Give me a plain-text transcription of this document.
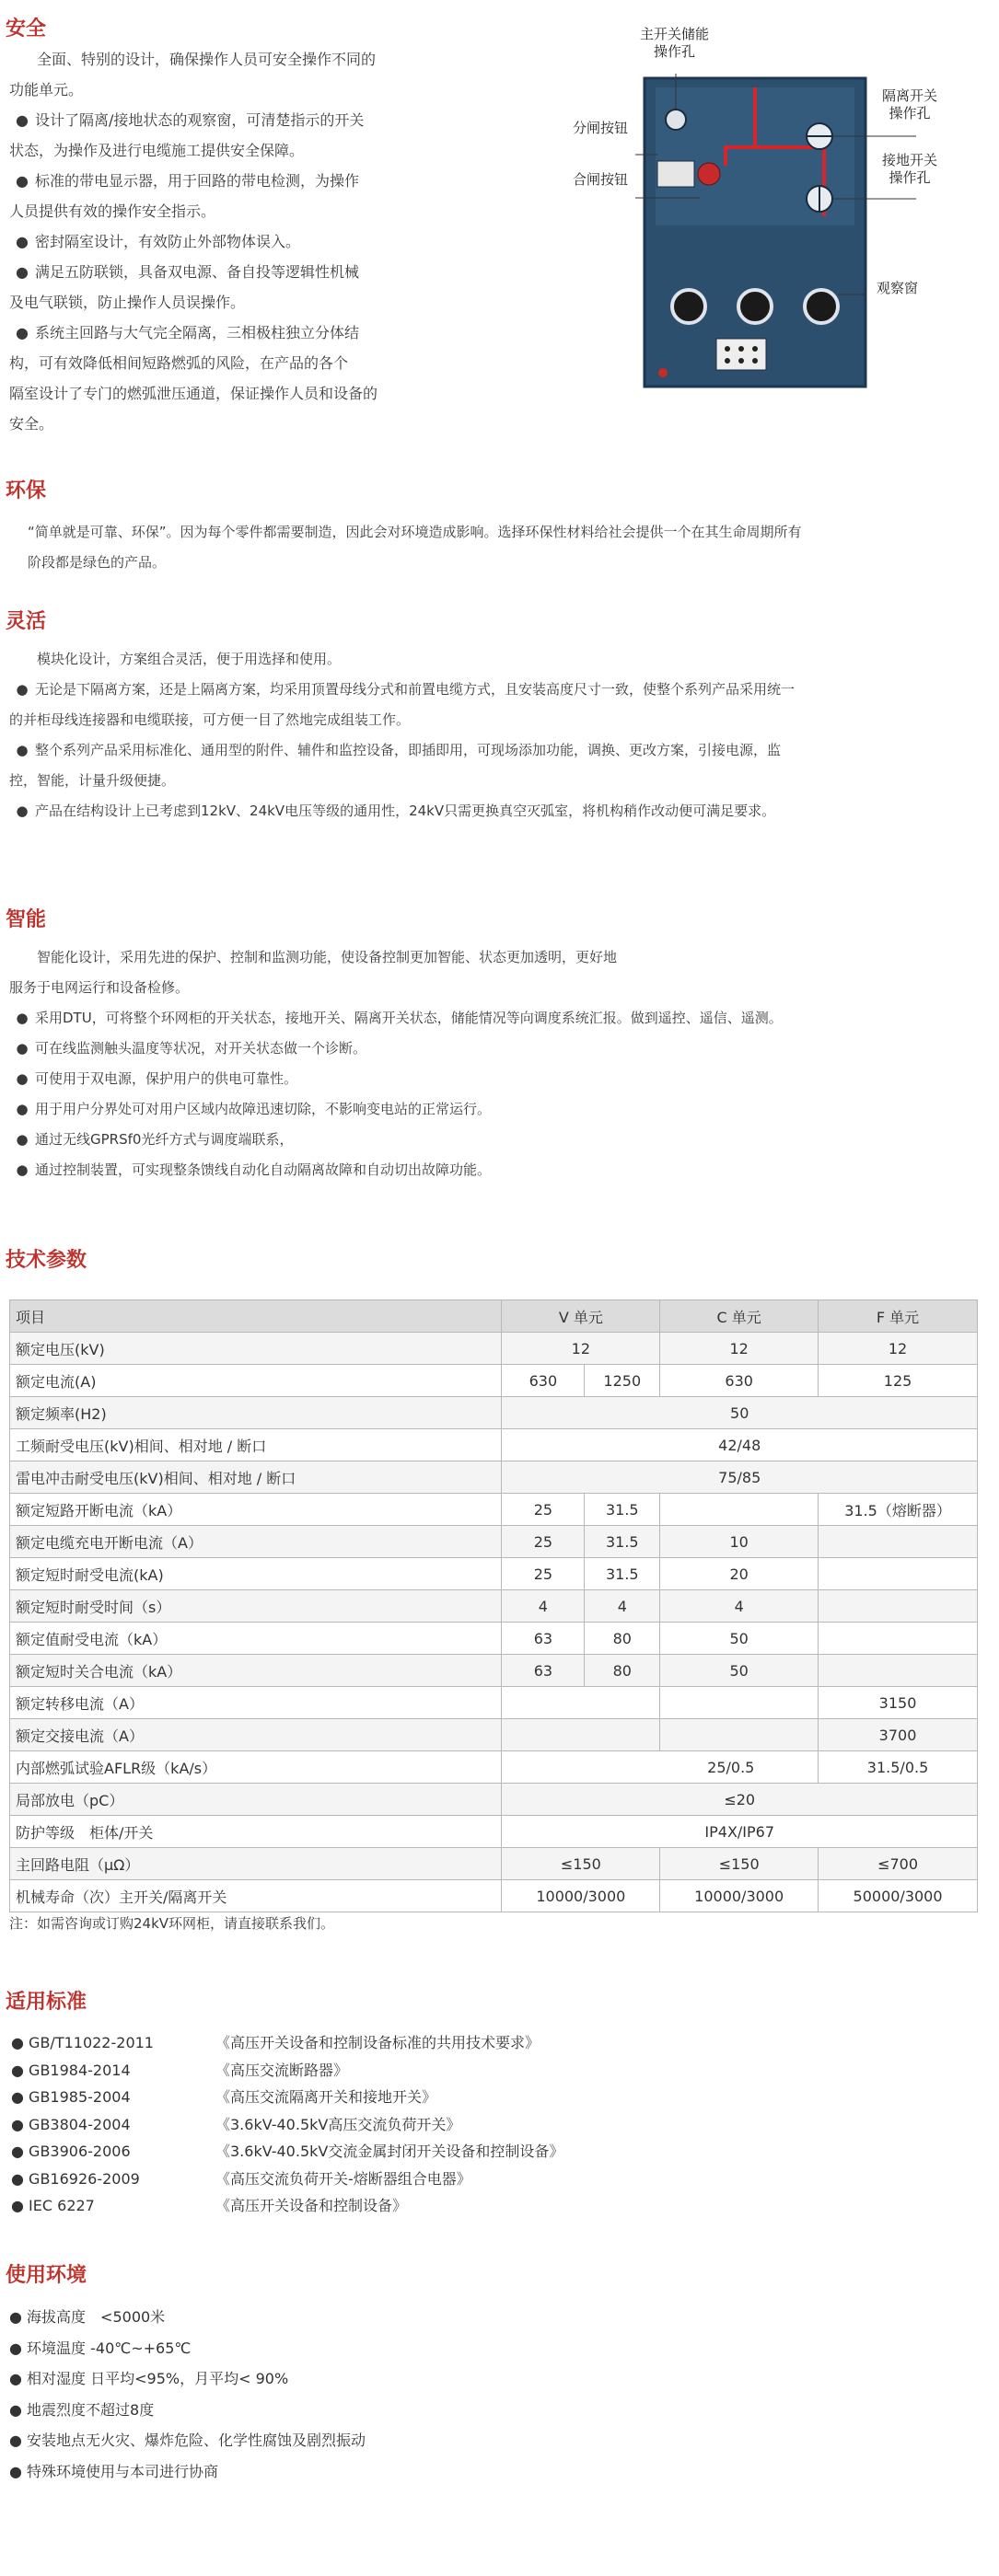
安全
全面、特别的设计，确保操作人员可安全操作不同的
功能单元。
● 设计了隔离/接地状态的观察窗，可清楚指示的开关
状态，为操作及进行电缆施工提供安全保障。
● 标准的带电显示器，用于回路的带电检测，为操作
人员提供有效的操作安全指示。
● 密封隔室设计，有效防止外部物体误入。
● 满足五防联锁，具备双电源、备自投等逻辑性机械
及电气联锁，防止操作人员误操作。
● 系统主回路与大气完全隔离，三相极柱独立分体结
构，可有效降低相间短路燃弧的风险，在产品的各个
隔室设计了专门的燃弧泄压通道，保证操作人员和设备的
安全。
主开关储能
操作孔
隔离开关
操作孔
接地开关
操作孔
分闸按钮
合闸按钮
观察窗
环保
“简单就是可靠、环保”。因为每个零件都需要制造，因此会对环境造成影响。选择环保性材料给社会提供一个在其生命周期所有
阶段都是绿色的产品。
灵活
模块化设计，方案组合灵活，便于用选择和使用。
● 无论是下隔离方案，还是上隔离方案，均采用顶置母线分式和前置电缆方式，且安装高度尺寸一致，使整个系列产品采用统一
的并柜母线连接器和电缆联接，可方便一目了然地完成组装工作。
● 整个系列产品采用标准化、通用型的附件、辅件和监控设备，即插即用，可现场添加功能，调换、更改方案，引接电源，监
控，智能，计量升级便捷。
● 产品在结构设计上已考虑到12kV、24kV电压等级的通用性，24kV只需更换真空灭弧室，将机构稍作改动便可满足要求。
智能
智能化设计，采用先进的保护、控制和监测功能，使设备控制更加智能、状态更加透明，更好地
服务于电网运行和设备检修。
● 采用DTU，可将整个环网柜的开关状态，接地开关、隔离开关状态，储能情况等向调度系统汇报。做到遥控、遥信、遥测。
● 可在线监测触头温度等状况，对开关状态做一个诊断。
● 可使用于双电源，保护用户的供电可靠性。
● 用于用户分界处可对用户区域内故障迅速切除，不影响变电站的正常运行。
● 通过无线GPRSf0光纤方式与调度端联系，
● 通过控制装置，可实现整条馈线自动化自动隔离故障和自动切出故障功能。
技术参数
项目	V 单元		C 单元	F 单元
额定电压(kV)	12		12	12
额定电流(A)	630	1250	630	125
额定频率(H2)	50			
工频耐受电压(kV)相间、相对地 / 断口	42/48			
雷电冲击耐受电压(kV)相间、相对地 / 断口	75/85			
额定短路开断电流（kA）	25	31.5		31.5（熔断器）
额定电缆充电开断电流（A）	25	31.5	10	
额定短时耐受电流(kA)	25	31.5	20	
额定短时耐受时间（s）	4	4	4	
额定值耐受电流（kA）	63	80	50	
额定短时关合电流（kA）	63	80	50	
额定转移电流（A）				3150
额定交接电流（A）				3700
内部燃弧试验AFLR级（kA/s）	25/0.5			31.5/0.5
局部放电（pC）	≤20			
防护等级　柜体/开关	IP4X/IP67			
主回路电阻（μΩ）	≤150		≤150	≤700
机械寿命（次）主开关/隔离开关	10000/3000		10000/3000	50000/3000
注：如需咨询或订购24kV环网柜，请直接联系我们。
适用标准
● GB/T11022-2011	《高压开关设备和控制设备标准的共用技术要求》
● GB1984-2014	《高压交流断路器》
● GB1985-2004	《高压交流隔离开关和接地开关》
● GB3804-2004	《3.6kV-40.5kV高压交流负荷开关》
● GB3906-2006	《3.6kV-40.5kV交流金属封闭开关设备和控制设备》
● GB16926-2009	《高压交流负荷开关-熔断器组合电器》
● IEC 6227	《高压开关设备和控制设备》
使用环境
● 海拔高度　<5000米
● 环境温度 -40℃~+65℃
● 相对湿度 日平均<95%，月平均< 90%
● 地震烈度不超过8度
● 安装地点无火灾、爆炸危险、化学性腐蚀及剧烈振动
● 特殊环境使用与本司进行协商
